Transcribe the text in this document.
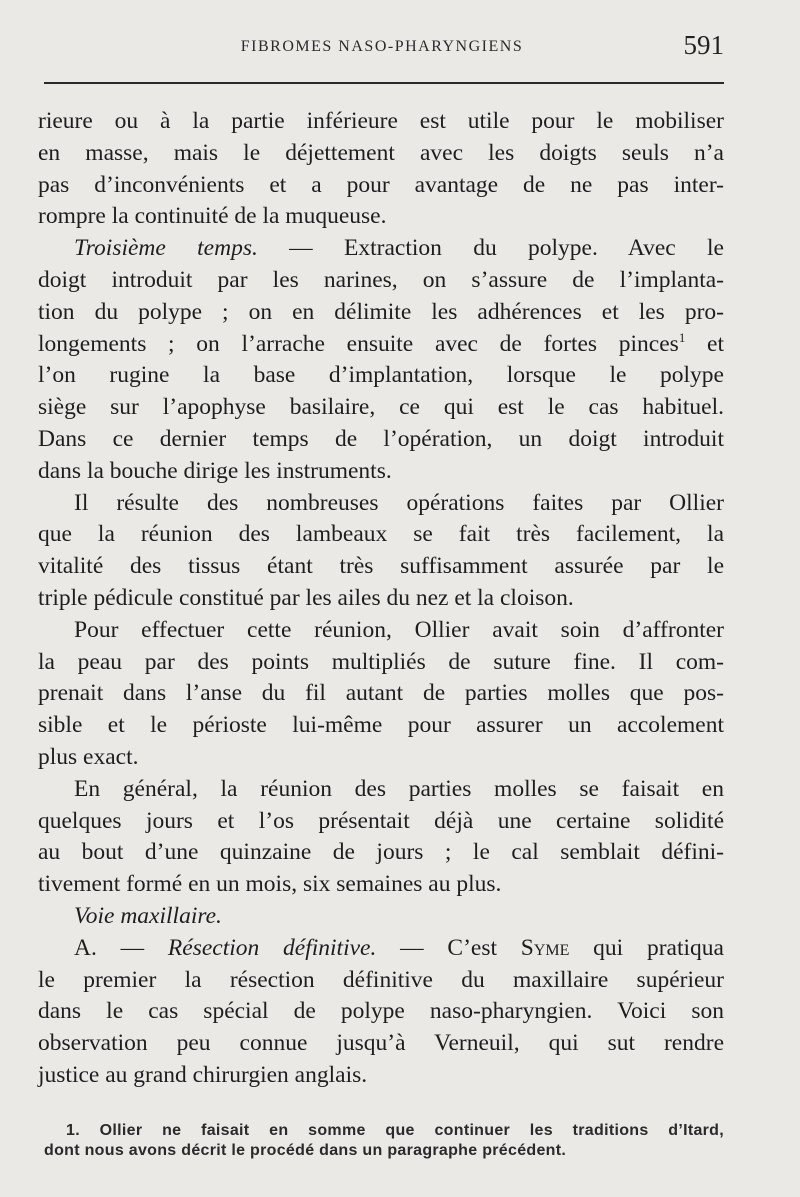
FIBROMES NASO-PHARYNGIENS	591
rieure ou à la partie inférieure est utile pour le mobiliser
en masse, mais le déjettement avec les doigts seuls n’a
pas d’inconvénients et a pour avantage de ne pas inter-
rompre la continuité de la muqueuse.
Troisième temps. — Extraction du polype. Avec le
doigt introduit par les narines, on s’assure de l’implanta-
tion du polype ; on en délimite les adhérences et les pro-
longements ; on l’arrache ensuite avec de fortes pinces$^1$ et
l’on rugine la base d’implantation, lorsque le polype
siège sur l’apophyse basilaire, ce qui est le cas habituel.
Dans ce dernier temps de l’opération, un doigt introduit
dans la bouche dirige les instruments.
Il résulte des nombreuses opérations faites par Ollier
que la réunion des lambeaux se fait très facilement, la
vitalité des tissus étant très suffisamment assurée par le
triple pédicule constitué par les ailes du nez et la cloison.
Pour effectuer cette réunion, Ollier avait soin d’affronter
la peau par des points multipliés de suture fine. Il com-
prenait dans l’anse du fil autant de parties molles que pos-
sible et le périoste lui-même pour assurer un accolement
plus exact.
En général, la réunion des parties molles se faisait en
quelques jours et l’os présentait déjà une certaine solidité
au bout d’une quinzaine de jours ; le cal semblait défini-
tivement formé en un mois, six semaines au plus.
Voie maxillaire.
A. — Résection définitive. — C’est Syme qui pratiqua
le premier la résection définitive du maxillaire supérieur
dans le cas spécial de polype naso-pharyngien. Voici son
observation peu connue jusqu’à Verneuil, qui sut rendre
justice au grand chirurgien anglais.
1. Ollier ne faisait en somme que continuer les traditions d’Itard,
dont nous avons décrit le procédé dans un paragraphe précédent.
